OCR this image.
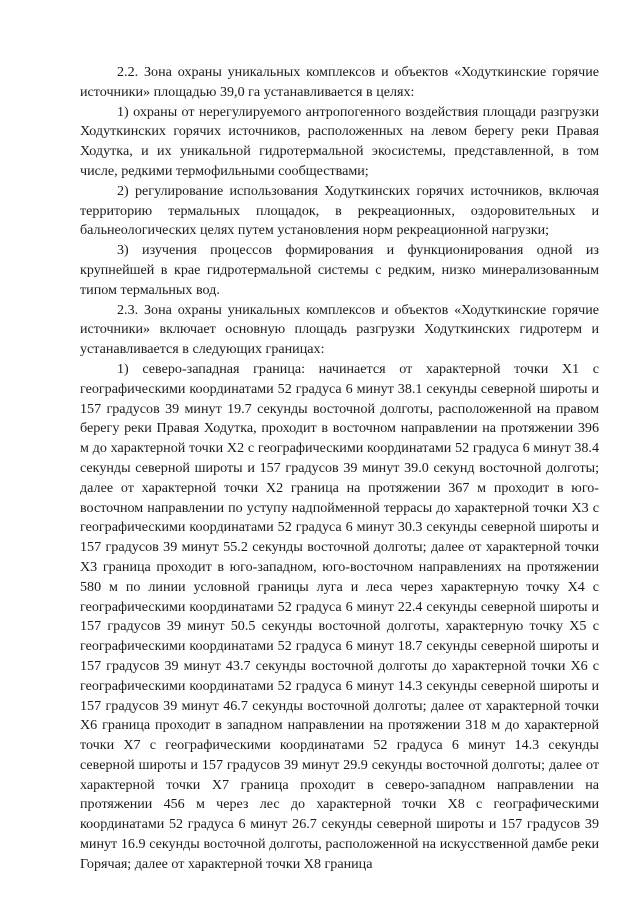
2.2. Зона охраны уникальных комплексов и объектов «Ходуткинские горячие источники» площадью 39,0 га устанавливается в целях:

1) охраны от нерегулируемого антропогенного воздействия площади разгрузки Ходуткинских горячих источников, расположенных на левом берегу реки Правая Ходутка, и их уникальной гидротермальной экосистемы, представленной, в том числе, редкими термофильными сообществами;

2) регулирование использования Ходуткинских горячих источников, включая территорию термальных площадок, в рекреационных, оздоровительных и бальнеологических целях путем установления норм рекреационной нагрузки;

3) изучения процессов формирования и функционирования одной из крупнейшей в крае гидротермальной системы с редким, низко минерализованным типом термальных вод.

2.3. Зона охраны уникальных комплексов и объектов «Ходуткинские горячие источники» включает основную площадь разгрузки Ходуткинских гидротерм и устанавливается в следующих границах:

1) северо-западная граница: начинается от характерной точки Х1 с географическими координатами 52 градуса 6 минут 38.1 секунды северной широты и 157 градусов 39 минут 19.7 секунды восточной долготы, расположенной на правом берегу реки Правая Ходутка, проходит в восточном направлении на протяжении 396 м до характерной точки Х2 с географическими координатами 52 градуса 6 минут 38.4 секунды северной широты и 157 градусов 39 минут 39.0 секунд восточной долготы; далее от характерной точки Х2 граница на протяжении 367 м проходит в юго-восточном направлении по уступу надпойменной террасы до характерной точки Х3 с географическими координатами 52 градуса 6 минут 30.3 секунды северной широты и 157 градусов 39 минут 55.2 секунды восточной долготы; далее от характерной точки Х3 граница проходит в юго-западном, юго-восточном направлениях на протяжении 580 м по линии условной границы луга и леса через характерную точку Х4 с географическими координатами 52 градуса 6 минут 22.4 секунды северной широты и 157 градусов 39 минут 50.5 секунды восточной долготы, характерную точку Х5 с географическими координатами 52 градуса 6 минут 18.7 секунды северной широты и 157 градусов 39 минут 43.7 секунды восточной долготы до характерной точки Х6 с географическими координатами 52 градуса 6 минут 14.3 секунды северной широты и 157 градусов 39 минут 46.7 секунды восточной долготы; далее от характерной точки Х6 граница проходит в западном направлении на протяжении 318 м до характерной точки Х7 с географическими координатами 52 градуса 6 минут 14.3 секунды северной широты и 157 градусов 39 минут 29.9 секунды восточной долготы; далее от характерной точки Х7 граница проходит в северо-западном направлении на протяжении 456 м через лес до характерной точки Х8 с географическими координатами 52 градуса 6 минут 26.7 секунды северной широты и 157 градусов 39 минут 16.9 секунды восточной долготы, расположенной на искусственной дамбе реки Горячая; далее от характерной точки Х8 граница
